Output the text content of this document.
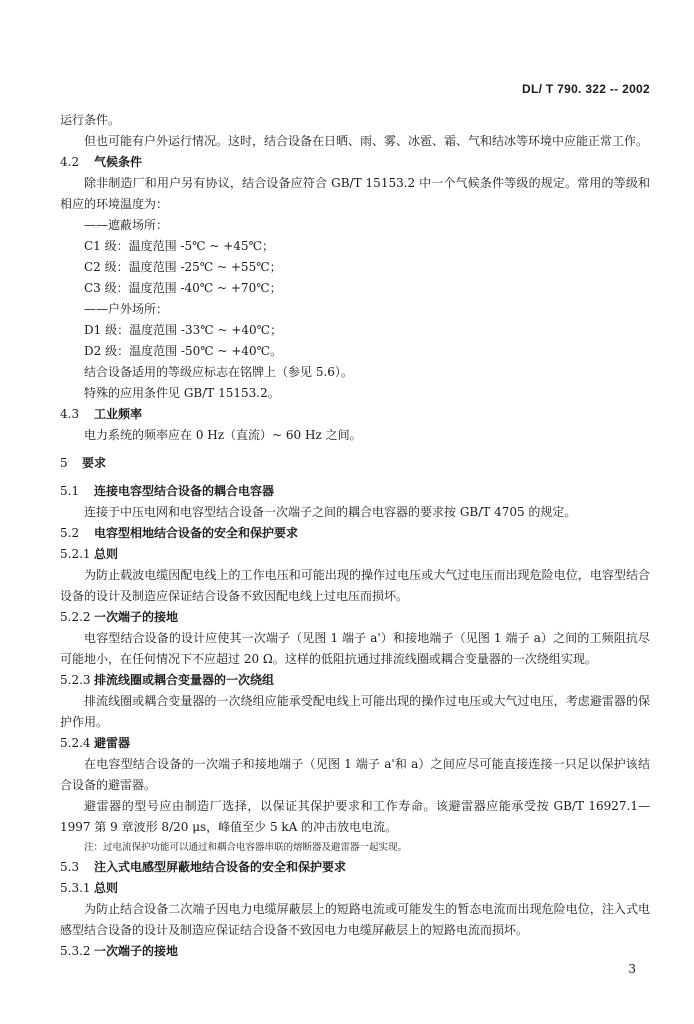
DL/ T 790. 322 -- 2002

运行条件。

但也可能有户外运行情况。这时，结合设备在日晒、雨、雾、冰雹、霜、气和结冰等环境中应能正常工作。

4.2 气候条件

除非制造厂和用户另有协议，结合设备应符合 GB/T 15153.2 中一个气候条件等级的规定。常用的等级和相应的环境温度为：

——遮蔽场所：

C1 级：温度范围 -5℃ ~ +45℃；

C2 级：温度范围 -25℃ ~ +55℃；

C3 级：温度范围 -40℃ ~ +70℃；

——户外场所：

D1 级：温度范围 -33℃ ~ +40℃；

D2 级：温度范围 -50℃ ~ +40℃。

结合设备适用的等级应标志在铭牌上（参见 5.6）。

特殊的应用条件见 GB/T 15153.2。

4.3 工业频率

电力系统的频率应在 0 Hz（直流）~ 60 Hz 之间。

5 要求
5.1 连接电容型结合设备的耦合电容器

连接于中压电网和电容型结合设备一次端子之间的耦合电容器的要求按 GB/T 4705 的规定。

5.2 电容型相地结合设备的安全和保护要求
5.2.1 总则

为防止载波电缆因配电线上的工作电压和可能出现的操作过电压或大气过电压而出现危险电位，电容型结合设备的设计及制造应保证结合设备不致因配电线上过电压而损坏。

5.2.2 一次端子的接地

电容型结合设备的设计应使其一次端子（见图 1 端子 a'）和接地端子（见图 1 端子 a）之间的工频阻抗尽可能地小，在任何情况下不应超过 20 Ω。这样的低阻抗通过排流线圈或耦合变量器的一次绕组实现。

5.2.3 排流线圈或耦合变量器的一次绕组

排流线圈或耦合变量器的一次绕组应能承受配电线上可能出现的操作过电压或大气过电压，考虑避雷器的保护作用。

5.2.4 避雷器

在电容型结合设备的一次端子和接地端子（见图 1 端子 a'和 a）之间应尽可能直接连接一只足以保护该结合设备的避雷器。

避雷器的型号应由制造厂选择，以保证其保护要求和工作寿命。该避雷器应能承受按 GB/T 16927.1—1997 第 9 章波形 8/20 μs，峰值至少 5 kA 的冲击放电电流。

注：过电流保护功能可以通过和耦合电容器串联的熔断器及避雷器一起实现。

5.3 注入式电感型屏蔽地结合设备的安全和保护要求
5.3.1 总则

为防止结合设备二次端子因电力电缆屏蔽层上的短路电流或可能发生的暂态电流而出现危险电位，注入式电感型结合设备的设计及制造应保证结合设备不致因电力电缆屏蔽层上的短路电流而损坏。

5.3.2 一次端子的接地
3
